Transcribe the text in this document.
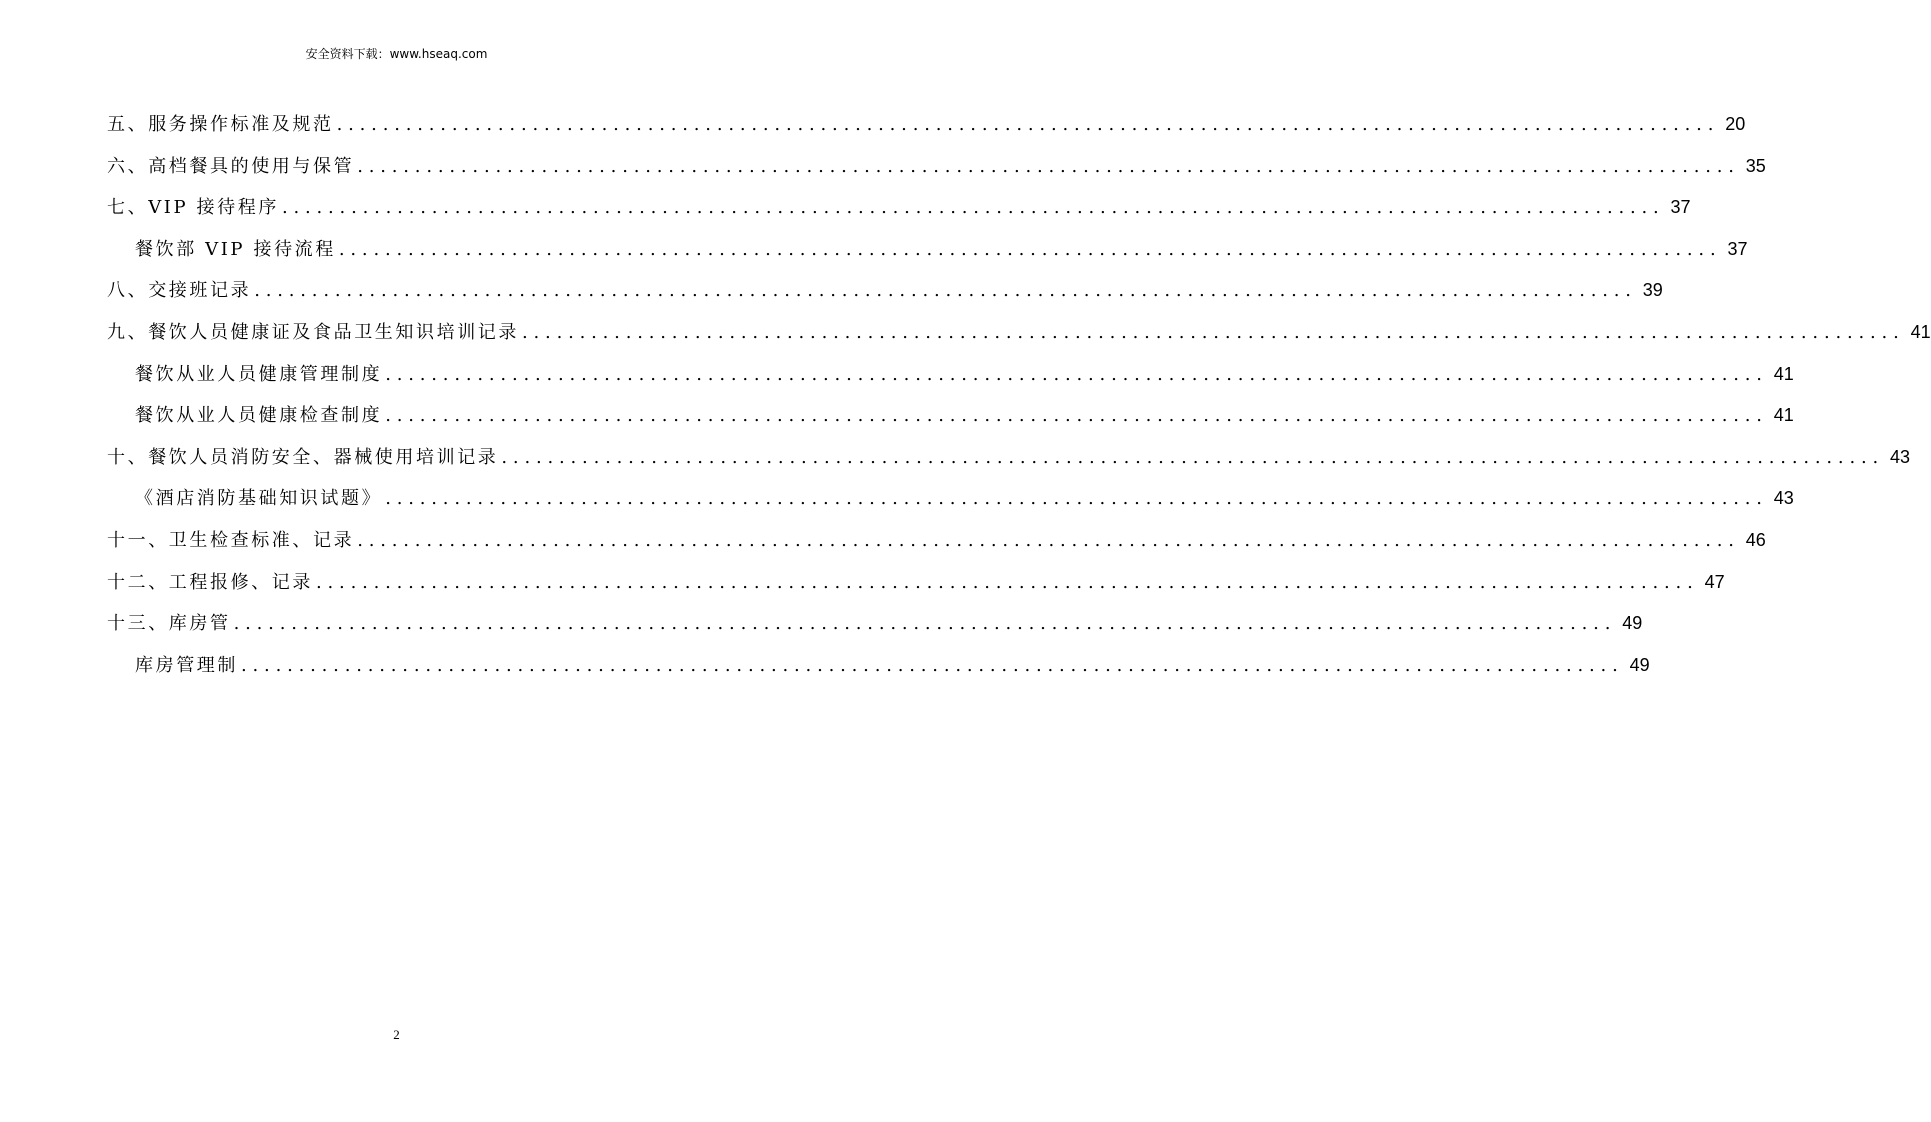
安全资料下载：www.hseaq.com
五、服务操作标准及规范 ........................................................................................................................ 20
六、高档餐具的使用与保管 ........................................................................................................................ 35
七、VIP 接待程序 ........................................................................................................................ 37
餐饮部 VIP 接待流程 ........................................................................................................................ 37
八、交接班记录 ........................................................................................................................ 39
九、餐饮人员健康证及食品卫生知识培训记录 ........................................................................................................................ 41
餐饮从业人员健康管理制度 ........................................................................................................................ 41
餐饮从业人员健康检查制度 ........................................................................................................................ 41
十、餐饮人员消防安全、器械使用培训记录 ........................................................................................................................ 43
《酒店消防基础知识试题》 ........................................................................................................................ 43
十一、卫生检查标准、记录 ........................................................................................................................ 46
十二、工程报修、记录 ........................................................................................................................ 47
十三、库房管 ........................................................................................................................ 49
库房管理制 ........................................................................................................................ 49
2
